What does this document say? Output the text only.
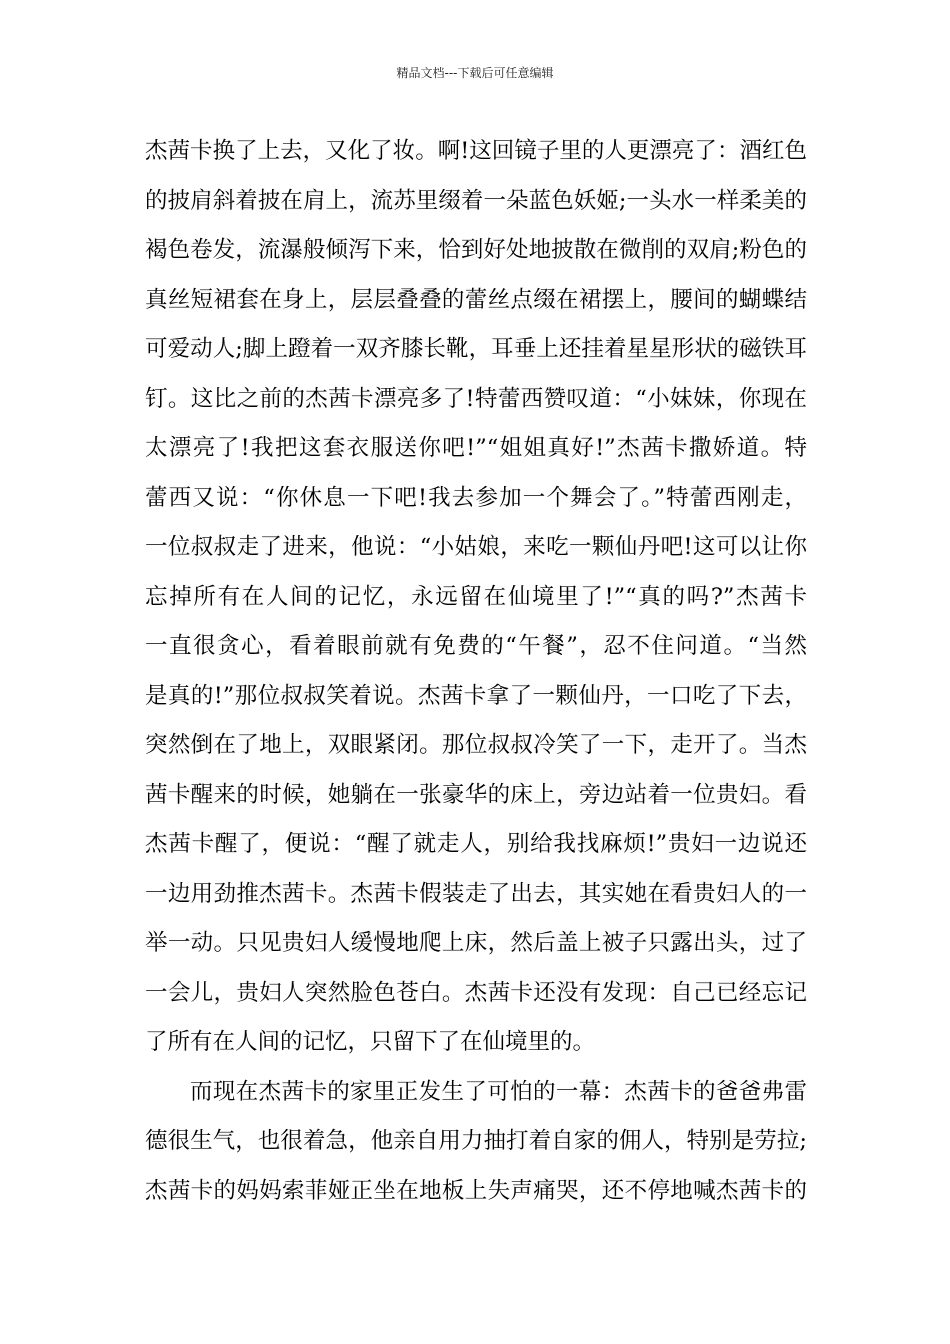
精品文档---下载后可任意编辑
杰茜卡换了上去，又化了妆。啊!这回镜子里的人更漂亮了：酒红色
的披肩斜着披在肩上，流苏里缀着一朵蓝色妖姬;一头水一样柔美的
褐色卷发，流瀑般倾泻下来，恰到好处地披散在微削的双肩;粉色的
真丝短裙套在身上，层层叠叠的蕾丝点缀在裙摆上，腰间的蝴蝶结
可爱动人;脚上蹬着一双齐膝长靴，耳垂上还挂着星星形状的磁铁耳
钉。这比之前的杰茜卡漂亮多了!特蕾西赞叹道：“小妹妹，你现在
太漂亮了!我把这套衣服送你吧!”“姐姐真好!”杰茜卡撒娇道。特
蕾西又说：“你休息一下吧!我去参加一个舞会了。”特蕾西刚走，
一位叔叔走了进来，他说：“小姑娘，来吃一颗仙丹吧!这可以让你
忘掉所有在人间的记忆，永远留在仙境里了!”“真的吗?”杰茜卡
一直很贪心，看着眼前就有免费的“午餐”，忍不住问道。“当然
是真的!”那位叔叔笑着说。杰茜卡拿了一颗仙丹，一口吃了下去，
突然倒在了地上，双眼紧闭。那位叔叔冷笑了一下，走开了。当杰
茜卡醒来的时候，她躺在一张豪华的床上，旁边站着一位贵妇。看
杰茜卡醒了，便说：“醒了就走人，别给我找麻烦!”贵妇一边说还
一边用劲推杰茜卡。杰茜卡假装走了出去，其实她在看贵妇人的一
举一动。只见贵妇人缓慢地爬上床，然后盖上被子只露出头，过了
一会儿，贵妇人突然脸色苍白。杰茜卡还没有发现：自己已经忘记
了所有在人间的记忆，只留下了在仙境里的。
而现在杰茜卡的家里正发生了可怕的一幕：杰茜卡的爸爸弗雷
德很生气，也很着急，他亲自用力抽打着自家的佣人，特别是劳拉;
杰茜卡的妈妈索菲娅正坐在地板上失声痛哭，还不停地喊杰茜卡的
